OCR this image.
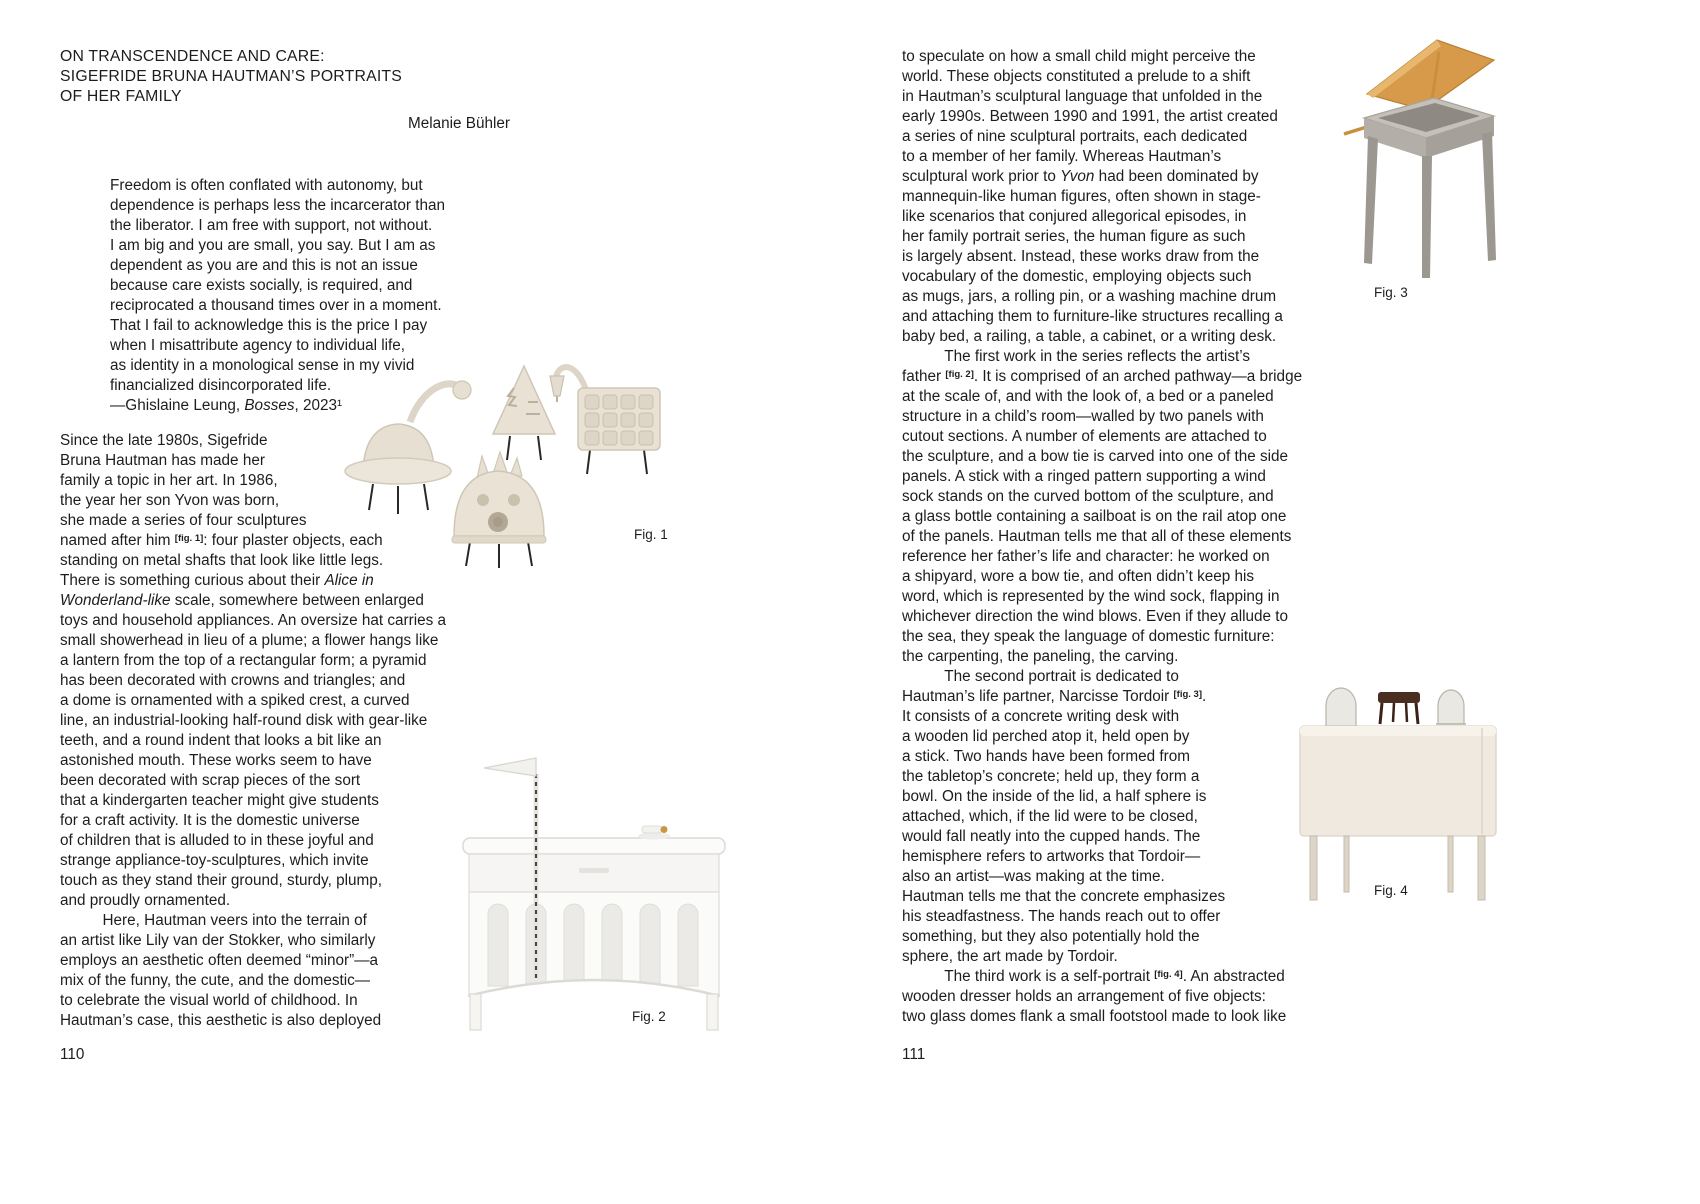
ON TRANSCENDENCE AND CARE:
SIGEFRIDE BRUNA HAUTMAN’S PORTRAITS
OF HER FAMILY
Melanie Bühler
Freedom is often conflated with autonomy, but
dependence is perhaps less the incarcerator than
the liberator. I am free with support, not without.
I am big and you are small, you say. But I am as
dependent as you are and this is not an issue
because care exists socially, is required, and
reciprocated a thousand times over in a moment.
That I fail to acknowledge this is the price I pay
when I misattribute agency to individual life,
as identity in a monological sense in my vivid
financialized disincorporated life.
—Ghislaine Leung, Bosses, 2023¹
Since the late 1980s, Sigefride
Bruna Hautman has made her
family a topic in her art. In 1986,
the year her son Yvon was born,
she made a series of four sculptures
named after him [fig. 1]: four plaster objects, each
standing on metal shafts that look like little legs.
There is something curious about their Alice in
Wonderland-like scale, somewhere between enlarged
toys and household appliances. An oversize hat carries a
small showerhead in lieu of a plume; a flower hangs like
a lantern from the top of a rectangular form; a pyramid
has been decorated with crowns and triangles; and
a dome is ornamented with a spiked crest, a curved
line, an industrial-looking half-round disk with gear-like
teeth, and a round indent that looks a bit like an
astonished mouth. These works seem to have
been decorated with scrap pieces of the sort
that a kindergarten teacher might give students
for a craft activity. It is the domestic universe
of children that is alluded to in these joyful and
strange appliance-toy-sculptures, which invite
touch as they stand their ground, sturdy, plump,
and proudly ornamented.
Here, Hautman veers into the terrain of
an artist like Lily van der Stokker, who similarly
employs an aesthetic often deemed “minor”—a
mix of the funny, the cute, and the domestic—
to celebrate the visual world of childhood. In
Hautman’s case, this aesthetic is also deployed
Fig. 1
Fig. 2
110
to speculate on how a small child might perceive the
world. These objects constituted a prelude to a shift
in Hautman’s sculptural language that unfolded in the
early 1990s. Between 1990 and 1991, the artist created
a series of nine sculptural portraits, each dedicated
to a member of her family. Whereas Hautman’s
sculptural work prior to Yvon had been dominated by
mannequin-like human figures, often shown in stage-
like scenarios that conjured allegorical episodes, in
her family portrait series, the human figure as such
is largely absent. Instead, these works draw from the
vocabulary of the domestic, employing objects such
as mugs, jars, a rolling pin, or a washing machine drum
and attaching them to furniture-like structures recalling a
baby bed, a railing, a table, a cabinet, or a writing desk.
The first work in the series reflects the artist’s
father [fig. 2]. It is comprised of an arched pathway—a bridge
at the scale of, and with the look of, a bed or a paneled
structure in a child’s room—walled by two panels with
cutout sections. A number of elements are attached to
the sculpture, and a bow tie is carved into one of the side
panels. A stick with a ringed pattern supporting a wind
sock stands on the curved bottom of the sculpture, and
a glass bottle containing a sailboat is on the rail atop one
of the panels. Hautman tells me that all of these elements
reference her father’s life and character: he worked on
a shipyard, wore a bow tie, and often didn’t keep his
word, which is represented by the wind sock, flapping in
whichever direction the wind blows. Even if they allude to
the sea, they speak the language of domestic furniture:
the carpenting, the paneling, the carving.
The second portrait is dedicated to
Hautman’s life partner, Narcisse Tordoir [fig. 3].
It consists of a concrete writing desk with
a wooden lid perched atop it, held open by
a stick. Two hands have been formed from
the tabletop’s concrete; held up, they form a
bowl. On the inside of the lid, a half sphere is
attached, which, if the lid were to be closed,
would fall neatly into the cupped hands. The
hemisphere refers to artworks that Tordoir—
also an artist—was making at the time.
Hautman tells me that the concrete emphasizes
his steadfastness. The hands reach out to offer
something, but they also potentially hold the
sphere, the art made by Tordoir.
The third work is a self-portrait [fig. 4]. An abstracted
wooden dresser holds an arrangement of five objects:
two glass domes flank a small footstool made to look like
Fig. 3
Fig. 4
111
